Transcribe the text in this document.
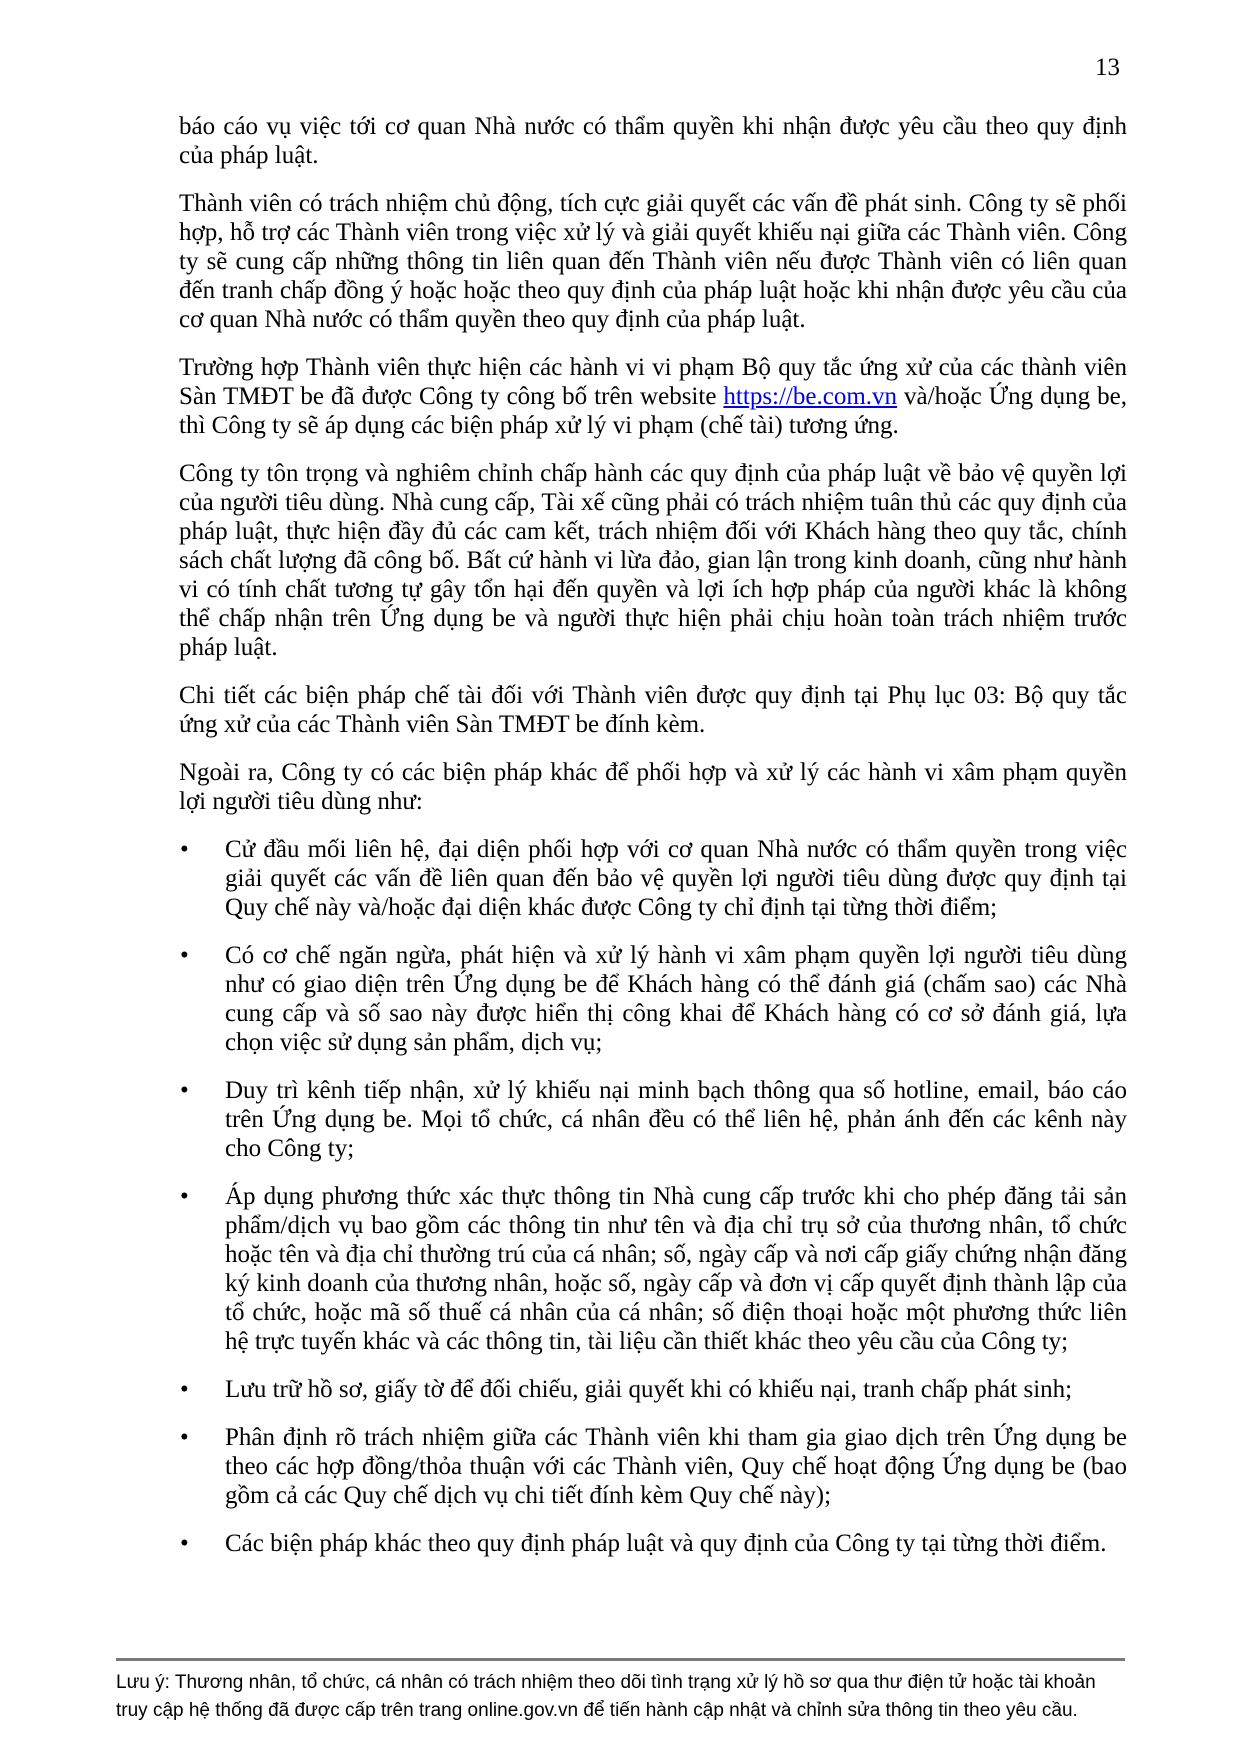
13

báo cáo vụ việc tới cơ quan Nhà nước có thẩm quyền khi nhận được yêu cầu theo quy định của pháp luật.

Thành viên có trách nhiệm chủ động, tích cực giải quyết các vấn đề phát sinh. Công ty sẽ phối hợp, hỗ trợ các Thành viên trong việc xử lý và giải quyết khiếu nại giữa các Thành viên. Công ty sẽ cung cấp những thông tin liên quan đến Thành viên nếu được Thành viên có liên quan đến tranh chấp đồng ý hoặc hoặc theo quy định của pháp luật hoặc khi nhận được yêu cầu của cơ quan Nhà nước có thẩm quyền theo quy định của pháp luật.

Trường hợp Thành viên thực hiện các hành vi vi phạm Bộ quy tắc ứng xử của các thành viên Sàn TMĐT be đã được Công ty công bố trên website https://be.com.vn và/hoặc Ứng dụng be, thì Công ty sẽ áp dụng các biện pháp xử lý vi phạm (chế tài) tương ứng.

Công ty tôn trọng và nghiêm chỉnh chấp hành các quy định của pháp luật về bảo vệ quyền lợi của người tiêu dùng. Nhà cung cấp, Tài xế cũng phải có trách nhiệm tuân thủ các quy định của pháp luật, thực hiện đầy đủ các cam kết, trách nhiệm đối với Khách hàng theo quy tắc, chính sách chất lượng đã công bố. Bất cứ hành vi lừa đảo, gian lận trong kinh doanh, cũng như hành vi có tính chất tương tự gây tổn hại đến quyền và lợi ích hợp pháp của người khác là không thể chấp nhận trên Ứng dụng be và người thực hiện phải chịu hoàn toàn trách nhiệm trước pháp luật.

Chi tiết các biện pháp chế tài đối với Thành viên được quy định tại Phụ lục 03: Bộ quy tắc ứng xử của các Thành viên Sàn TMĐT be đính kèm.

Ngoài ra, Công ty có các biện pháp khác để phối hợp và xử lý các hành vi xâm phạm quyền lợi người tiêu dùng như:

• Cử đầu mối liên hệ, đại diện phối hợp với cơ quan Nhà nước có thẩm quyền trong việc giải quyết các vấn đề liên quan đến bảo vệ quyền lợi người tiêu dùng được quy định tại Quy chế này và/hoặc đại diện khác được Công ty chỉ định tại từng thời điểm;
• Có cơ chế ngăn ngừa, phát hiện và xử lý hành vi xâm phạm quyền lợi người tiêu dùng như có giao diện trên Ứng dụng be để Khách hàng có thể đánh giá (chấm sao) các Nhà cung cấp và số sao này được hiển thị công khai để Khách hàng có cơ sở đánh giá, lựa chọn việc sử dụng sản phẩm, dịch vụ;
• Duy trì kênh tiếp nhận, xử lý khiếu nại minh bạch thông qua số hotline, email, báo cáo trên Ứng dụng be. Mọi tổ chức, cá nhân đều có thể liên hệ, phản ánh đến các kênh này cho Công ty;
• Áp dụng phương thức xác thực thông tin Nhà cung cấp trước khi cho phép đăng tải sản phẩm/dịch vụ bao gồm các thông tin như tên và địa chỉ trụ sở của thương nhân, tổ chức hoặc tên và địa chỉ thường trú của cá nhân; số, ngày cấp và nơi cấp giấy chứng nhận đăng ký kinh doanh của thương nhân, hoặc số, ngày cấp và đơn vị cấp quyết định thành lập của tổ chức, hoặc mã số thuế cá nhân của cá nhân; số điện thoại hoặc một phương thức liên hệ trực tuyến khác và các thông tin, tài liệu cần thiết khác theo yêu cầu của Công ty;
• Lưu trữ hồ sơ, giấy tờ để đối chiếu, giải quyết khi có khiếu nại, tranh chấp phát sinh;
• Phân định rõ trách nhiệm giữa các Thành viên khi tham gia giao dịch trên Ứng dụng be theo các hợp đồng/thỏa thuận với các Thành viên, Quy chế hoạt động Ứng dụng be (bao gồm cả các Quy chế dịch vụ chi tiết đính kèm Quy chế này);
• Các biện pháp khác theo quy định pháp luật và quy định của Công ty tại từng thời điểm.

Lưu ý: Thương nhân, tổ chức, cá nhân có trách nhiệm theo dõi tình trạng xử lý hồ sơ qua thư điện tử hoặc tài khoản truy cập hệ thống đã được cấp trên trang online.gov.vn để tiến hành cập nhật và chỉnh sửa thông tin theo yêu cầu.
